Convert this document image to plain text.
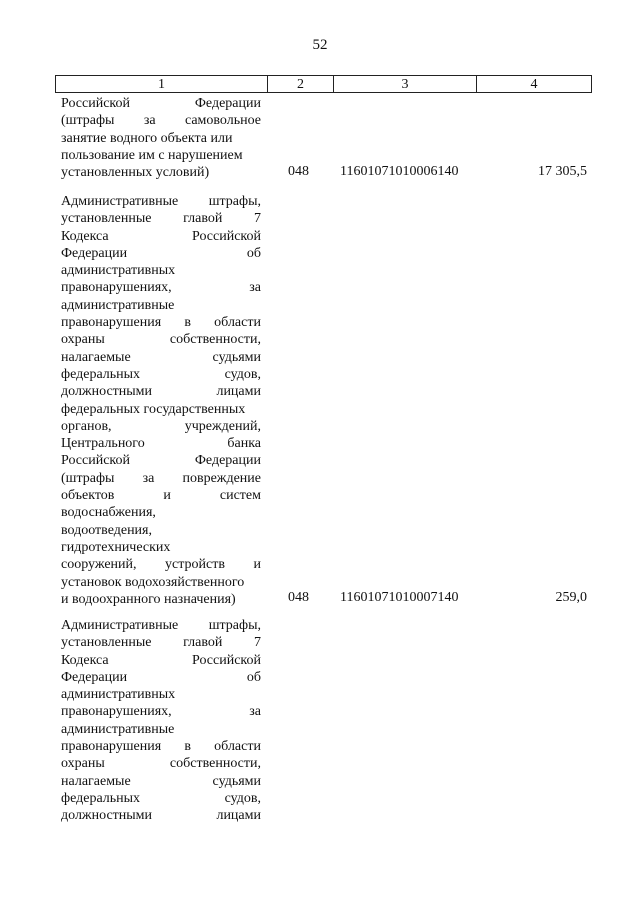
52
1	2	3	4
Российской	Федерации
(штрафы за самовольное
занятие водного объекта или
пользование им с нарушением
установленных условий)	048	11601071010006140	17 305,5
Административные штрафы,
установленные главой 7
Кодекса	Российской
Федерации	об
административных
правонарушениях,	за
административные
правонарушения в области
охраны	собственности,
налагаемые	судьями
федеральных	судов,
должностными	лицами
федеральных государственных
органов,	учреждений,
Центрального	банка
Российской	Федерации
(штрафы за повреждение
объектов	и	систем
водоснабжения,
водоотведения,
гидротехнических
сооружений, устройств и
установок водохозяйственного
и водоохранного назначения)	048	11601071010007140	259,0
Административные штрафы,
установленные главой 7
Кодекса	Российской
Федерации	об
административных
правонарушениях,	за
административные
правонарушения в области
охраны	собственности,
налагаемые	судьями
федеральных	судов,
должностными	лицами
